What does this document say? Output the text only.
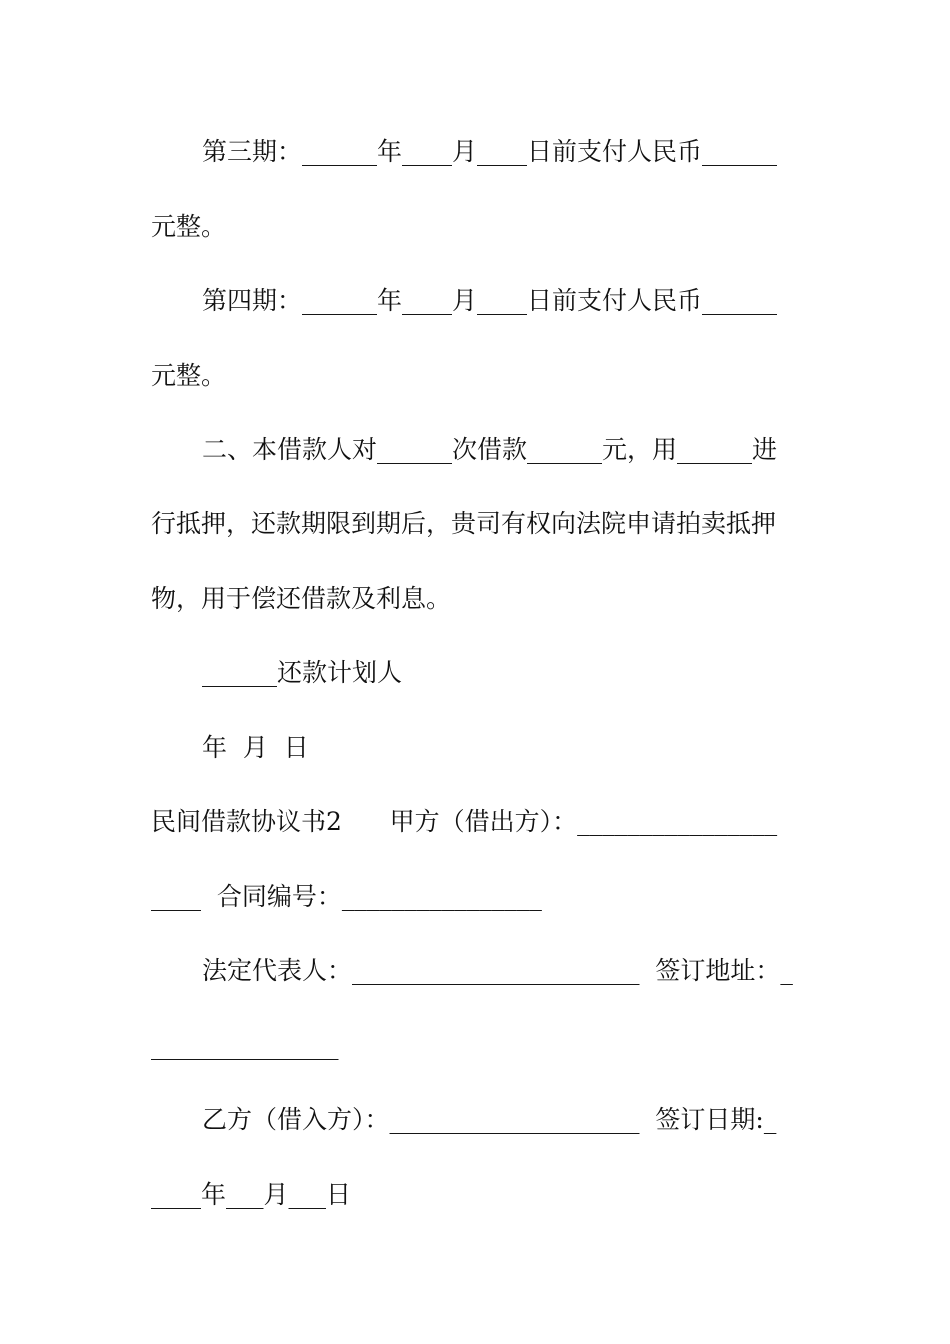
第三期：______年____月____日前支付人民币______
元整。
第四期：______年____月____日前支付人民币______
元整。
二、本借款人对______次借款______元，用______进
行抵押，还款期限到期后，贵司有权向法院申请拍卖抵押
物，用于偿还借款及利息。
______还款计划人
年  月  日
民间借款协议书2      甲方（借出方）：________________
____  合同编号：________________
法定代表人：_______________________  签订地址：_
_______________
乙方（借入方）：____________________  签订日期:_
____年___月___日
